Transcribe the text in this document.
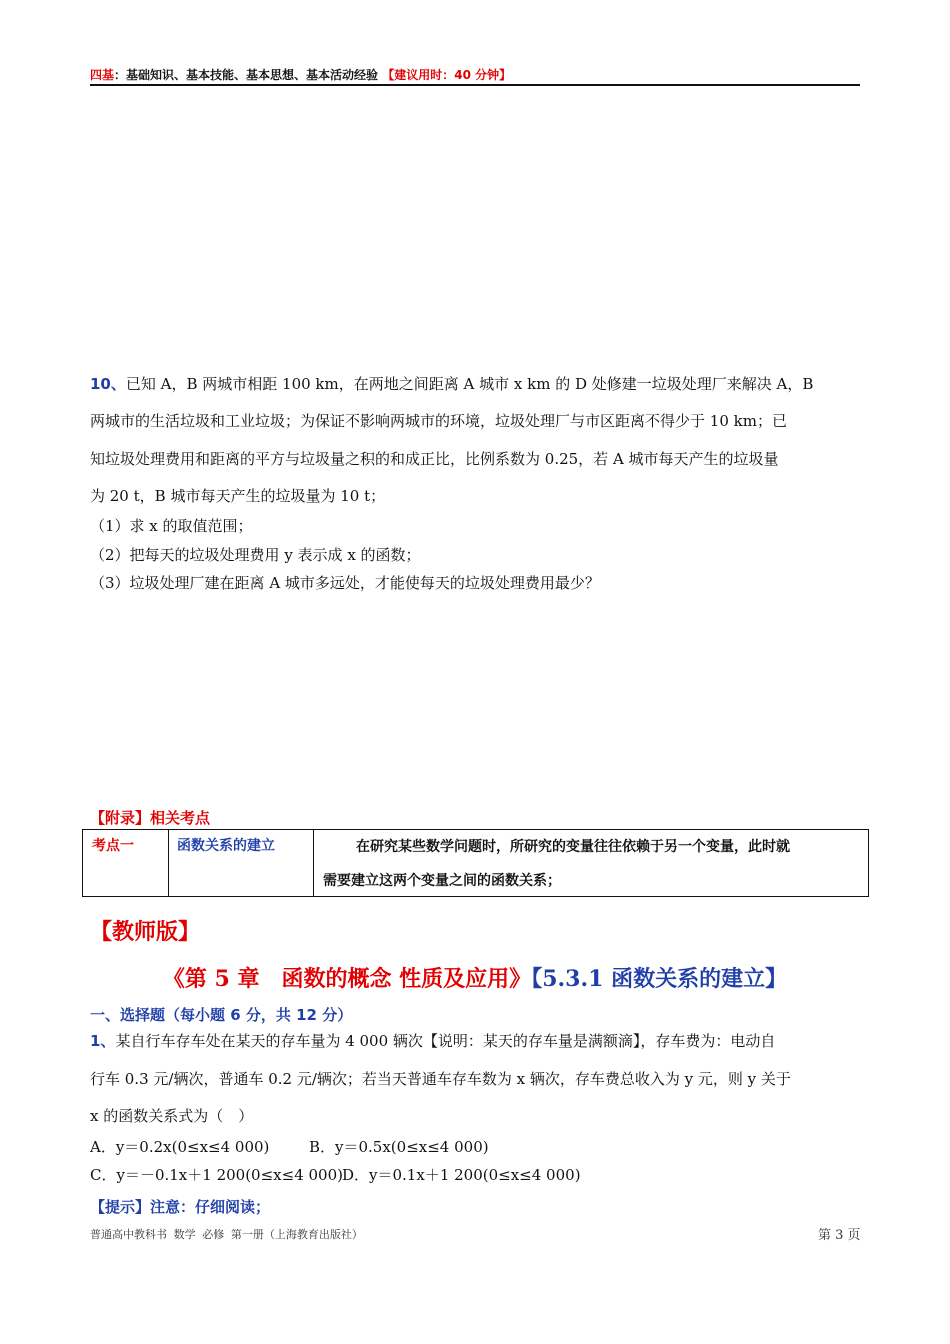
四基：基础知识、基本技能、基本思想、基本活动经验 【建议用时：40 分钟】
10、已知 A，B 两城市相距 100 km，在两地之间距离 A 城市 x km 的 D 处修建一垃圾处理厂来解决 A，B
两城市的生活垃圾和工业垃圾；为保证不影响两城市的环境，垃圾处理厂与市区距离不得少于 10 km；已
知垃圾处理费用和距离的平方与垃圾量之积的和成正比，比例系数为 0.25，若 A 城市每天产生的垃圾量
为 20 t，B 城市每天产生的垃圾量为 10 t；
（1）求 x 的取值范围；
（2）把每天的垃圾处理费用 y 表示成 x 的函数；
（3）垃圾处理厂建在距离 A 城市多远处，才能使每天的垃圾处理费用最少？
【附录】相关考点
考点一	函数关系的建立	在研究某些数学问题时，所研究的变量往往依赖于另一个变量，此时就
需要建立这两个变量之间的函数关系；
【教师版】
《第 5 章　函数的概念 性质及应用》【5.3.1 函数关系的建立】
一、选择题（每小题 6 分，共 12 分）
1、某自行车存车处在某天的存车量为 4 000 辆次【说明：某天的存车量是满额滴】，存车费为：电动自
行车 0.3 元/辆次，普通车 0.2 元/辆次；若当天普通车存车数为 x 辆次，存车费总收入为 y 元，则 y 关于
x 的函数关系式为（　）
A．y＝0.2x(0≤x≤4 000)	B．y＝0.5x(0≤x≤4 000)
C．y＝－0.1x＋1 200(0≤x≤4 000) D．y＝0.1x＋1 200(0≤x≤4 000)
【提示】注意：仔细阅读；
普通高中教科书 数学 必修 第一册（上海教育出版社）	第 3 页
